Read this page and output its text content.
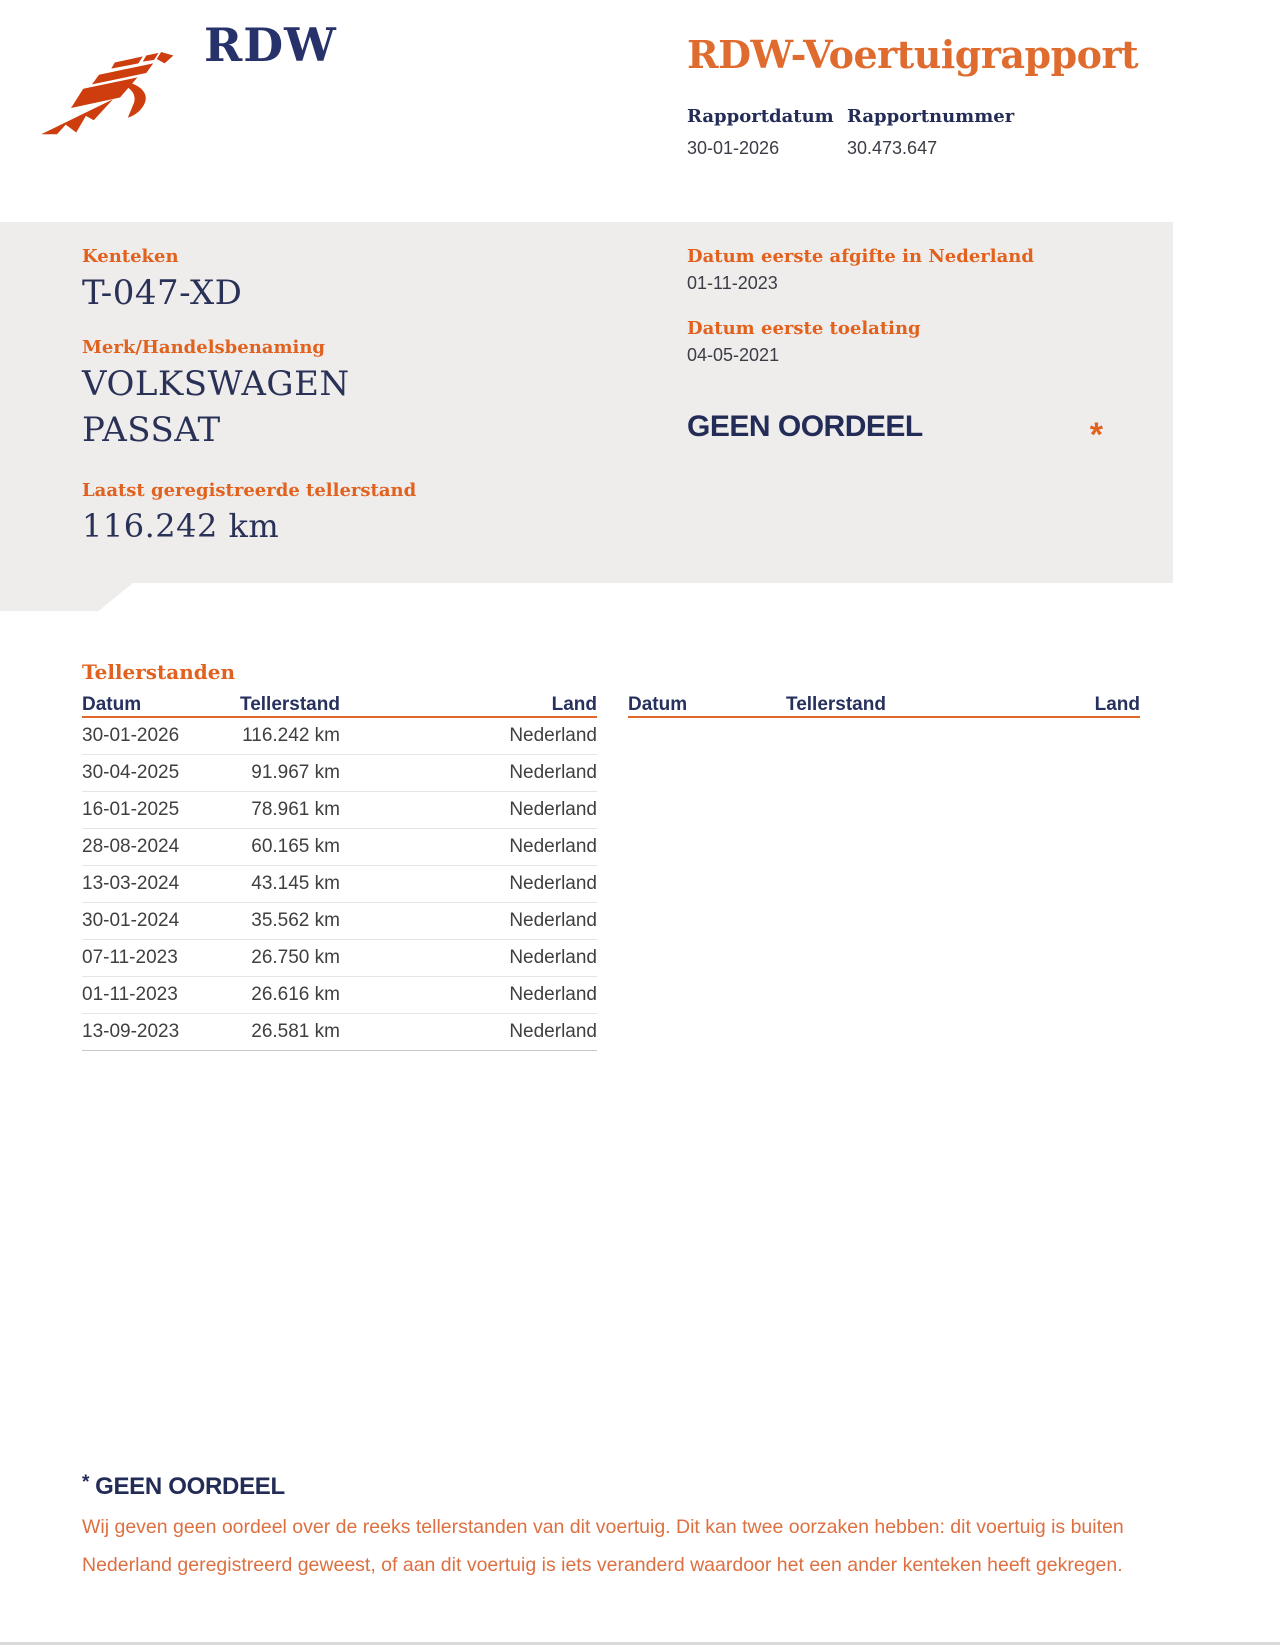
RDW	RDW-Voertuigrapport
Rapportdatum Rapportnummer
30-01-2026	30.473.647
Kenteken
T-047-XD
Merk/Handelsbenaming
VOLKSWAGEN
PASSAT
Laatst geregistreerde tellerstand
116.242 km
Datum eerste afgifte in Nederland
01-11-2023
Datum eerste toelating
04-05-2021
GEEN OORDEEL	*
Tellerstanden
Datum	Tellerstand	Land
30-01-2026	116.242 km	Nederland
30-04-2025	91.967 km	Nederland
16-01-2025	78.961 km	Nederland
28-08-2024	60.165 km	Nederland
13-03-2024	43.145 km	Nederland
30-01-2024	35.562 km	Nederland
07-11-2023	26.750 km	Nederland
01-11-2023	26.616 km	Nederland
13-09-2023	26.581 km	Nederland
Datum	Tellerstand	Land
* GEEN OORDEEL
Wij geven geen oordeel over de reeks tellerstanden van dit voertuig. Dit kan twee oorzaken hebben: dit voertuig is buiten Nederland geregistreerd geweest, of aan dit voertuig is iets veranderd waardoor het een ander kenteken heeft gekregen.
